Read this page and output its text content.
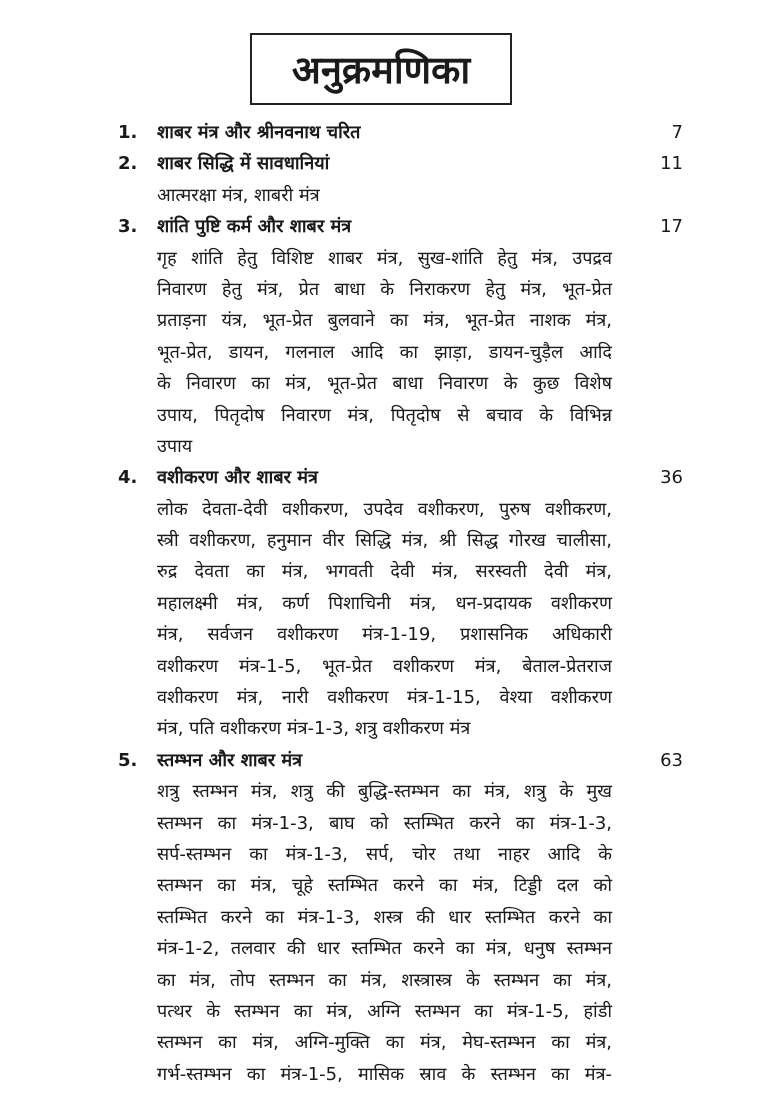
अनुक्रमणिका
1. शाबर मंत्र और श्रीनवनाथ चरित	7
2. शाबर सिद्धि में सावधानियां	11
आत्मरक्षा मंत्र, शाबरी मंत्र
3. शांति पुष्टि कर्म और शाबर मंत्र	17
गृह शांति हेतु विशिष्ट शाबर मंत्र, सुख-शांति हेतु मंत्र, उपद्रव
निवारण हेतु मंत्र, प्रेत बाधा के निराकरण हेतु मंत्र, भूत-प्रेत
प्रताड़ना यंत्र, भूत-प्रेत बुलवाने का मंत्र, भूत-प्रेत नाशक मंत्र,
भूत-प्रेत, डायन, गलनाल आदि का झाड़ा, डायन-चुड़ैल आदि
के निवारण का मंत्र, भूत-प्रेत बाधा निवारण के कुछ विशेष
उपाय, पितृदोष निवारण मंत्र, पितृदोष से बचाव के विभिन्न
उपाय
4. वशीकरण और शाबर मंत्र	36
लोक देवता-देवी वशीकरण, उपदेव वशीकरण, पुरुष वशीकरण,
स्त्री वशीकरण, हनुमान वीर सिद्धि मंत्र, श्री सिद्ध गोरख चालीसा,
रुद्र देवता का मंत्र, भगवती देवी मंत्र, सरस्वती देवी मंत्र,
महालक्ष्मी मंत्र, कर्ण पिशाचिनी मंत्र, धन-प्रदायक वशीकरण
मंत्र, सर्वजन वशीकरण मंत्र-1-19, प्रशासनिक अधिकारी
वशीकरण मंत्र-1-5, भूत-प्रेत वशीकरण मंत्र, बेताल-प्रेतराज
वशीकरण मंत्र, नारी वशीकरण मंत्र-1-15, वेश्या वशीकरण
मंत्र, पति वशीकरण मंत्र-1-3, शत्रु वशीकरण मंत्र
5. स्तम्भन और शाबर मंत्र	63
शत्रु स्तम्भन मंत्र, शत्रु की बुद्धि-स्तम्भन का मंत्र, शत्रु के मुख
स्तम्भन का मंत्र-1-3, बाघ को स्तम्भित करने का मंत्र-1-3,
सर्प-स्तम्भन का मंत्र-1-3, सर्प, चोर तथा नाहर आदि के
स्तम्भन का मंत्र, चूहे स्तम्भित करने का मंत्र, टिड्डी दल को
स्तम्भित करने का मंत्र-1-3, शस्त्र की धार स्तम्भित करने का
मंत्र-1-2, तलवार की धार स्तम्भित करने का मंत्र, धनुष स्तम्भन
का मंत्र, तोप स्तम्भन का मंत्र, शस्त्रास्त्र के स्तम्भन का मंत्र,
पत्थर के स्तम्भन का मंत्र, अग्नि स्तम्भन का मंत्र-1-5, हांडी
स्तम्भन का मंत्र, अग्नि-मुक्ति का मंत्र, मेघ-स्तम्भन का मंत्र,
गर्भ-स्तम्भन का मंत्र-1-5, मासिक स्राव के स्तम्भन का मंत्र-
